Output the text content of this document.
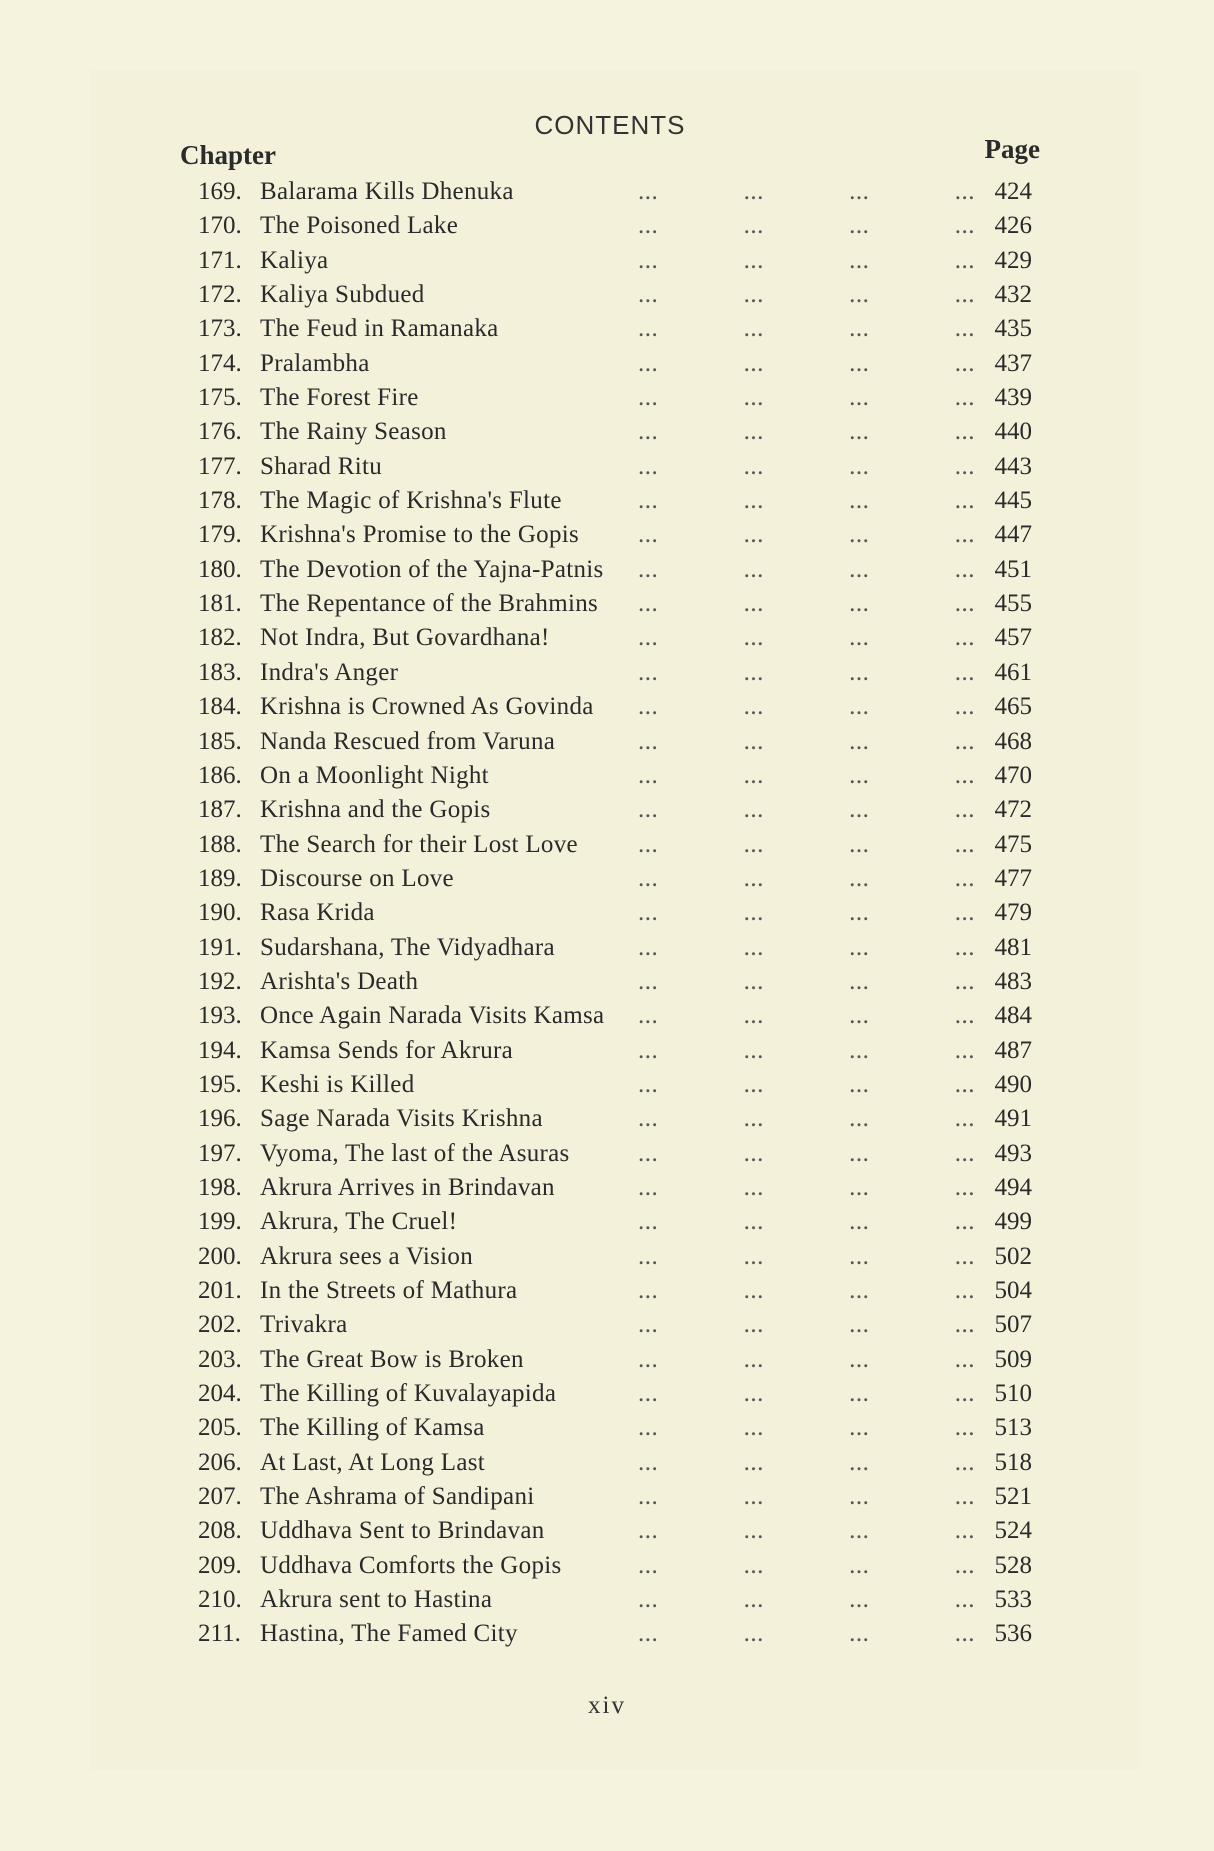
CONTENTS
Chapter	Page
169. Balarama Kills Dhenuka	...	...	...	... 424
170. The Poisoned Lake	...	...	...	... 426
171. Kaliya	...	...	...	... 429
172. Kaliya Subdued	...	...	...	... 432
173. The Feud in Ramanaka	...	...	...	... 435
174. Pralambha	...	...	...	... 437
175. The Forest Fire	...	...	...	... 439
176. The Rainy Season	...	...	...	... 440
177. Sharad Ritu	...	...	...	... 443
178. The Magic of Krishna's Flute	...	...	...	... 445
179. Krishna's Promise to the Gopis ...	...	...	... 447
180. The Devotion of the Yajna-Patnis ...	...	...	... 451
181. The Repentance of the Brahmins ...	...	...	... 455
182. Not Indra, But Govardhana!	...	...	...	... 457
183. Indra's Anger	...	...	...	... 461
184. Krishna is Crowned As Govinda ...	...	...	... 465
185. Nanda Rescued from Varuna	...	...	...	... 468
186. On a Moonlight Night	...	...	...	... 470
187. Krishna and the Gopis	...	...	...	... 472
188. The Search for their Lost Love ...	...	...	... 475
189. Discourse on Love	...	...	...	... 477
190. Rasa Krida	...	...	...	... 479
191. Sudarshana, The Vidyadhara	...	...	...	... 481
192. Arishta's Death	...	...	...	... 483
193. Once Again Narada Visits Kamsa ...	...	...	... 484
194. Kamsa Sends for Akrura	...	...	...	... 487
195. Keshi is Killed	...	...	...	... 490
196. Sage Narada Visits Krishna	...	...	...	... 491
197. Vyoma, The last of the Asuras	...	...	...	... 493
198. Akrura Arrives in Brindavan	...	...	...	... 494
199. Akrura, The Cruel!	...	...	...	... 499
200. Akrura sees a Vision	...	...	...	... 502
201. In the Streets of Mathura	...	...	...	... 504
202. Trivakra	...	...	...	... 507
203. The Great Bow is Broken	...	...	...	... 509
204. The Killing of Kuvalayapida	...	...	...	... 510
205. The Killing of Kamsa	...	...	...	... 513
206. At Last, At Long Last	...	...	...	... 518
207. The Ashrama of Sandipani	...	...	...	... 521
208. Uddhava Sent to Brindavan	...	...	...	... 524
209. Uddhava Comforts the Gopis	...	...	...	... 528
210. Akrura sent to Hastina	...	...	...	... 533
211. Hastina, The Famed City	...	...	...	... 536
xiv
